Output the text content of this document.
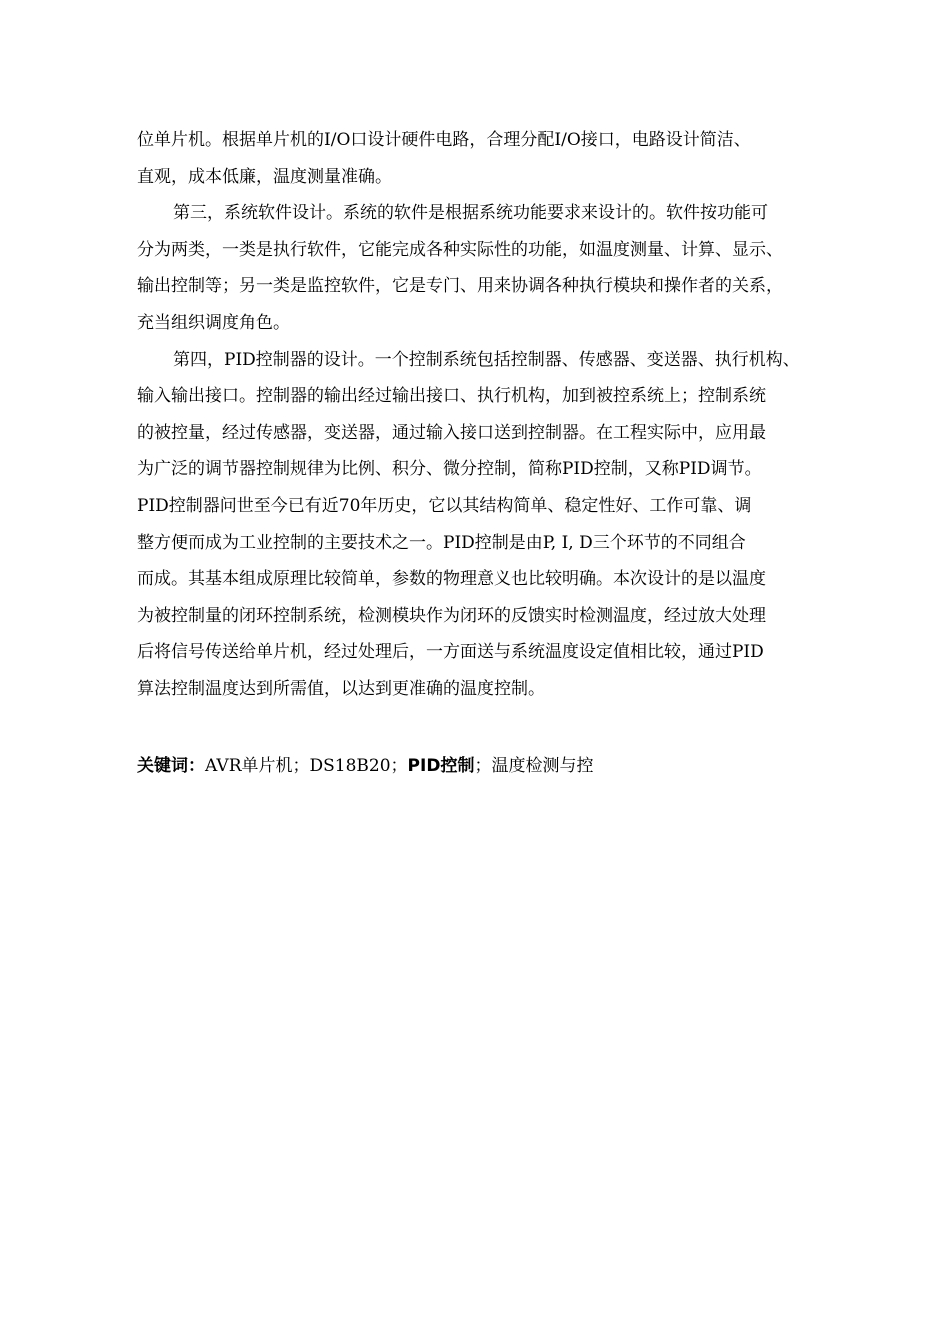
位单片机。根据单片机的I/O口设计硬件电路，合理分配I/O接口，电路设计简洁、
直观，成本低廉，温度测量准确。
第三，系统软件设计。系统的软件是根据系统功能要求来设计的。软件按功能可
分为两类，一类是执行软件，它能完成各种实际性的功能，如温度测量、计算、显示、
输出控制等；另一类是监控软件，它是专门、用来协调各种执行模块和操作者的关系，
充当组织调度角色。
第四，PID控制器的设计。一个控制系统包括控制器、传感器、变送器、执行机构、
输入输出接口。控制器的输出经过输出接口、执行机构，加到被控系统上；控制系统
的被控量，经过传感器，变送器，通过输入接口送到控制器。在工程实际中，应用最
为广泛的调节器控制规律为比例、积分、微分控制，简称PID控制，又称PID调节。
PID控制器问世至今已有近70年历史，它以其结构简单、稳定性好、工作可靠、调
整方便而成为工业控制的主要技术之一。PID控制是由P, I, D三个环节的不同组合
而成。其基本组成原理比较简单，参数的物理意义也比较明确。本次设计的是以温度
为被控制量的闭环控制系统，检测模块作为闭环的反馈实时检测温度，经过放大处理
后将信号传送给单片机，经过处理后，一方面送与系统温度设定值相比较，通过PID
算法控制温度达到所需值，以达到更准确的温度控制。
关键词：AVR单片机；DS18B20；PID控制；温度检测与控
